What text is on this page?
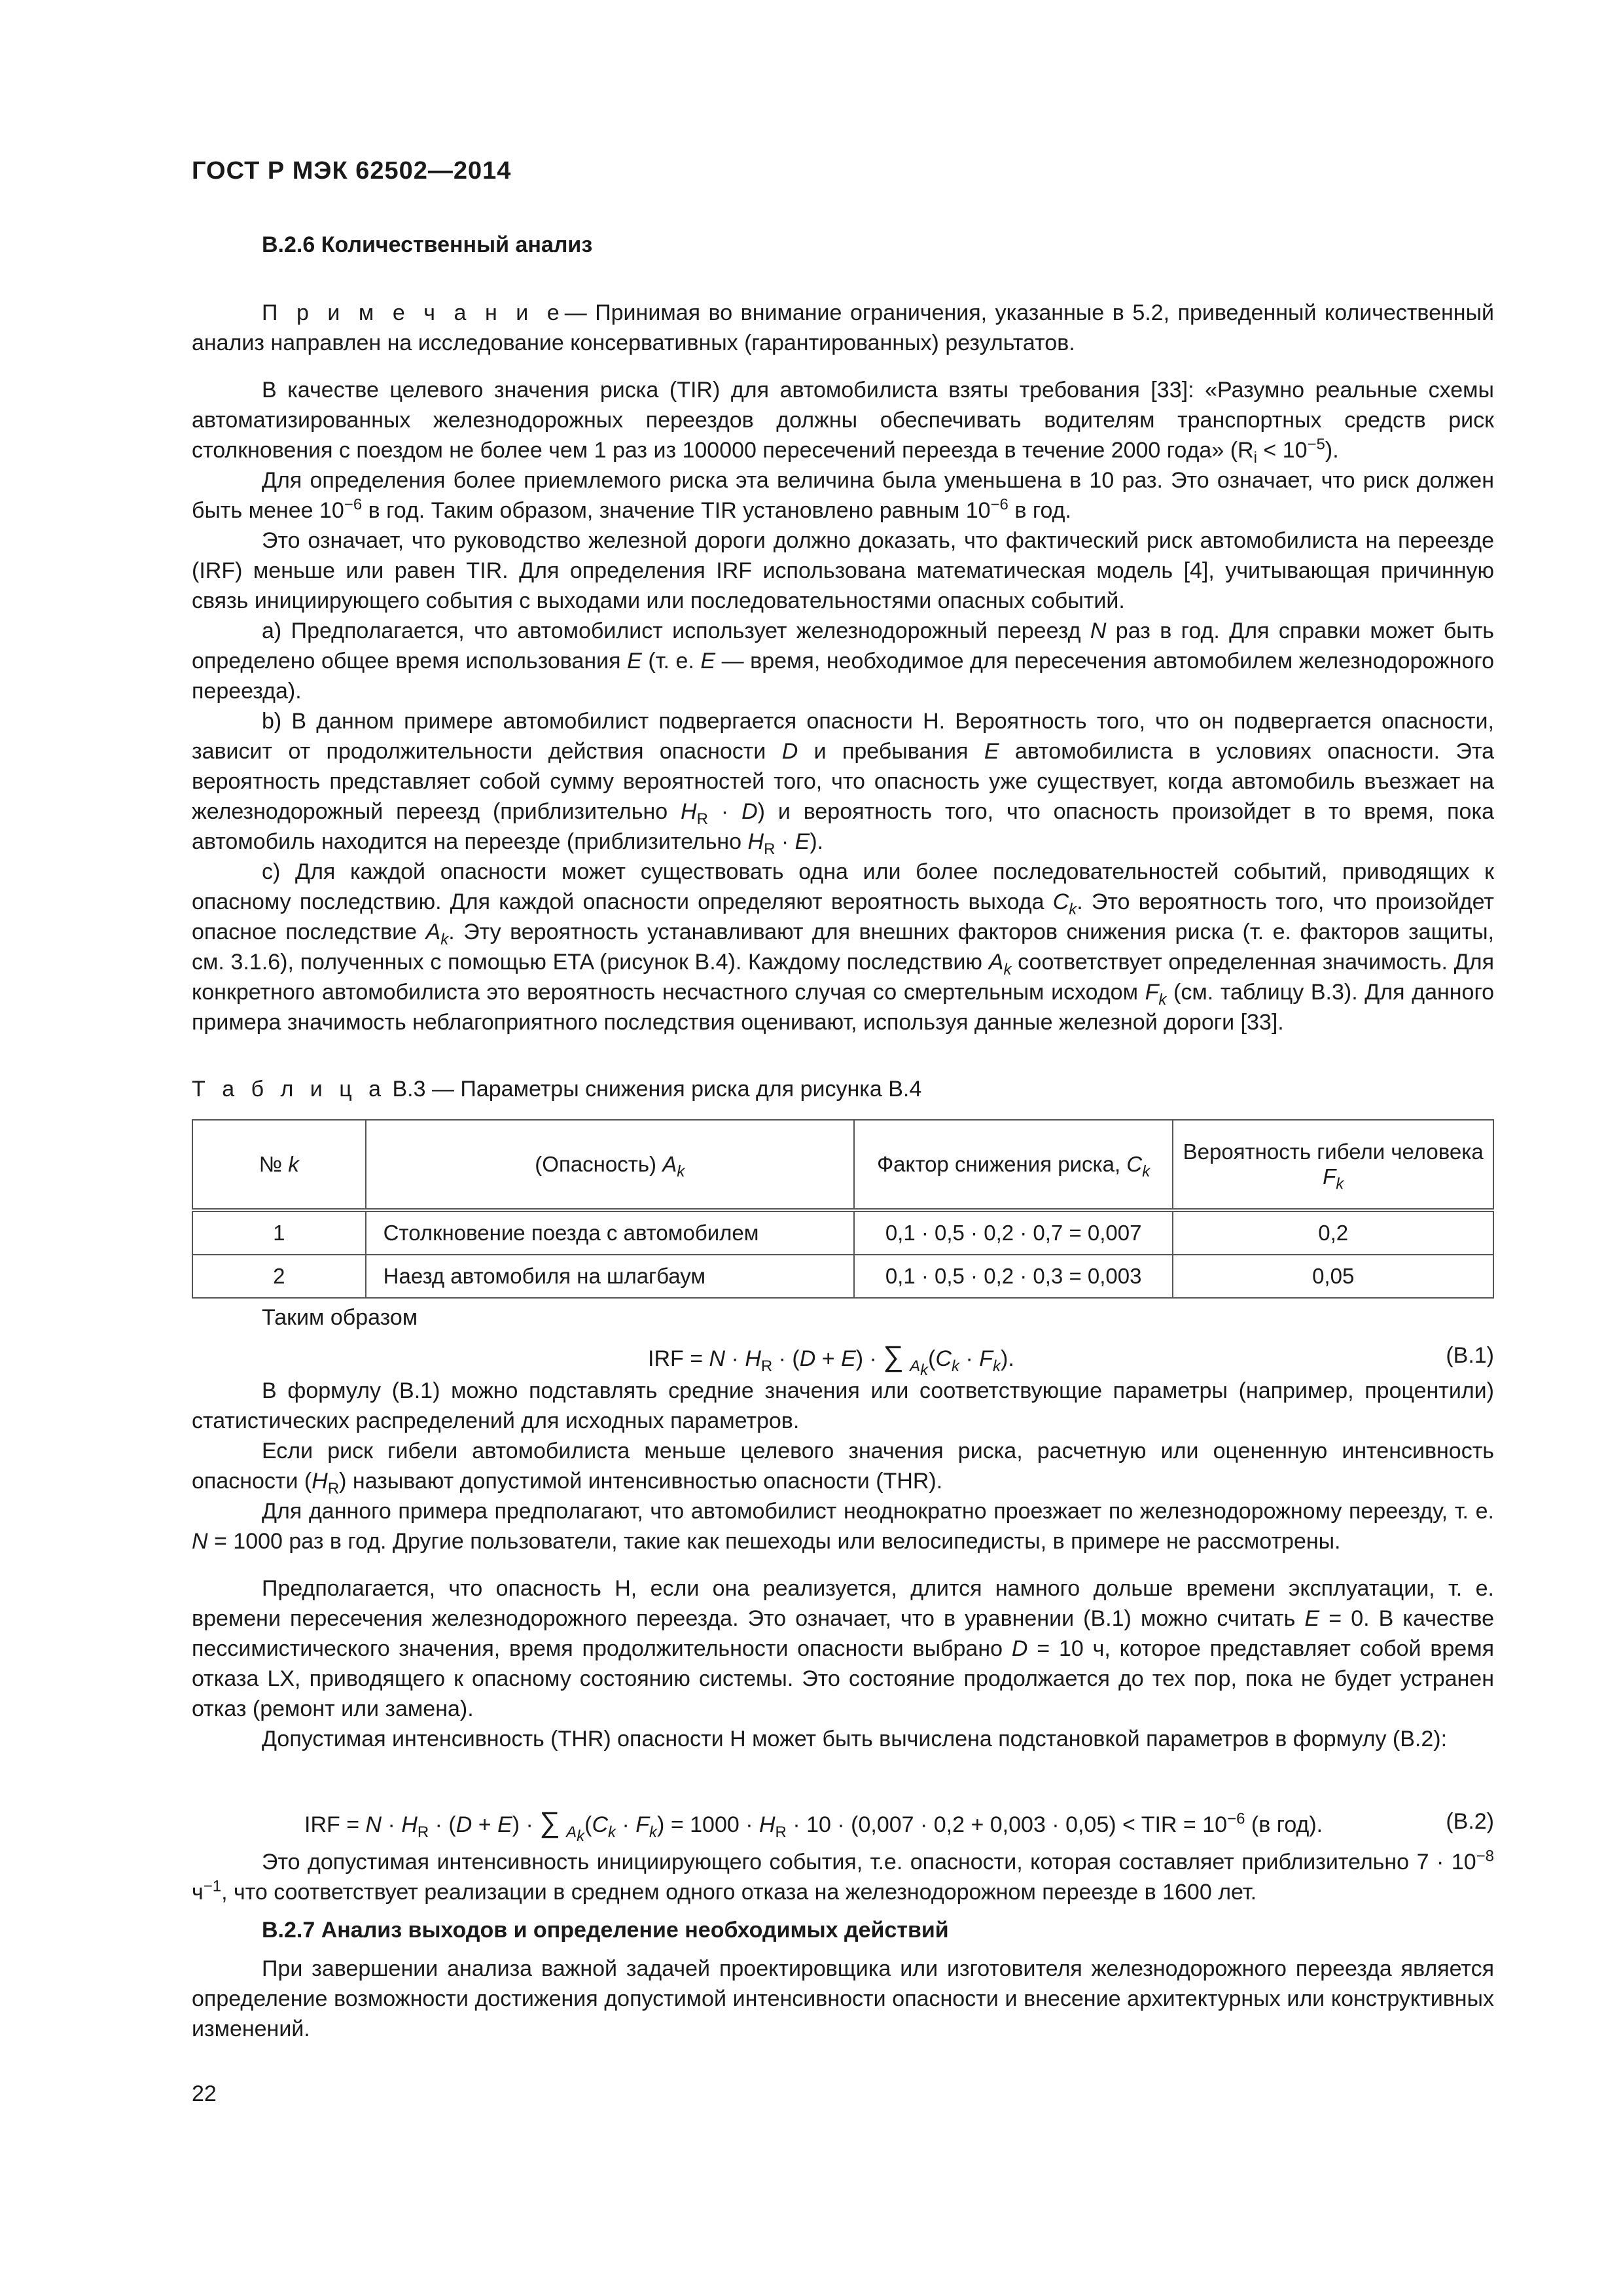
ГОСТ Р МЭК 62502—2014
B.2.6 Количественный анализ

П р и м е ч а н и е— Принимая во внимание ограничения, указанные в 5.2, приведенный количественный анализ направлен на исследование консервативных (гарантированных) результатов.

В качестве целевого значения риска (TIR) для автомобилиста взяты требования [33]: «Разумно реальные схемы автоматизированных железнодорожных переездов должны обеспечивать водителям транспортных средств риск столкновения с поездом не более чем 1 раз из 100000 пересечений переезда в течение 2000 года» $(R_i < 10^{-5})$.

Для определения более приемлемого риска эта величина была уменьшена в 10 раз. Это означает, что риск должен быть менее $10^{-6}$ в год. Таким образом, значение TIR установлено равным $10^{-6}$ в год.

Это означает, что руководство железной дороги должно доказать, что фактический риск автомобилиста на переезде (IRF) меньше или равен TIR. Для определения IRF использована математическая модель [4], учитывающая причинную связь инициирующего события с выходами или последовательностями опасных событий.

a) Предполагается, что автомобилист использует железнодорожный переезд N раз в год. Для справки может быть определено общее время использования E (т. е. E — время, необходимое для пересечения автомобилем железнодорожного переезда).

b) В данном примере автомобилист подвергается опасности H. Вероятность того, что он подвергается опасности, зависит от продолжительности действия опасности D и пребывания E автомобилиста в условиях опасности. Эта вероятность представляет собой сумму вероятностей того, что опасность уже существует, когда автомобиль въезжает на железнодорожный переезд (приблизительно $H_R \cdot D$) и вероятность того, что опасность произойдет в то время, пока автомобиль находится на переезде (приблизительно $H_R \cdot E$).

c) Для каждой опасности может существовать одна или более последовательностей событий, приводящих к опасному последствию. Для каждой опасности определяют вероятность выхода $C_k$. Это вероятность того, что произойдет опасное последствие $A_k$. Эту вероятность устанавливают для внешних факторов снижения риска (т. е. факторов защиты, см. 3.1.6), полученных с помощью ETA (рисунок B.4). Каждому последствию $A_k$ соответствует определенная значимость. Для конкретного автомобилиста это вероятность несчастного случая со смертельным исходом $F_k$ (см. таблицу B.3). Для данного примера значимость неблагоприятного последствия оценивают, используя данные железной дороги [33].

Т а б л и ц а B.3 — Параметры снижения риска для рисунка B.4
№ k	(Опасность) $A_k$	Фактор снижения риска, $C_k$	Вероятность гибели человека
$F_k$
1	Столкновение поезда с автомобилем	0,1 · 0,5 · 0,2 · 0,7 = 0,007	0,2
2	Наезд автомобиля на шлагбаум	0,1 · 0,5 · 0,2 · 0,3 = 0,003	0,05

Таким образом

IRF = $N \cdot H_R \cdot (D + E)$ · ∑ $_{A_k}(C_k \cdot F_k)$.	(B.1)

В формулу (B.1) можно подставлять средние значения или соответствующие параметры (например, процентили) статистических распределений для исходных параметров.

Если риск гибели автомобилиста меньше целевого значения риска, расчетную или оцененную интенсивность опасности $(H_R)$ называют допустимой интенсивностью опасности (THR).

Для данного примера предполагают, что автомобилист неоднократно проезжает по железнодорожному переезду, т. е. N = 1000 раз в год. Другие пользователи, такие как пешеходы или велосипедисты, в примере не рассмотрены.

Предполагается, что опасность H, если она реализуется, длится намного дольше времени эксплуатации, т. е. времени пересечения железнодорожного переезда. Это означает, что в уравнении (B.1) можно считать E = 0. В качестве пессимистического значения, время продолжительности опасности выбрано D = 10 ч, которое представляет собой время отказа LX, приводящего к опасному состоянию системы. Это состояние продолжается до тех пор, пока не будет устранен отказ (ремонт или замена).

Допустимая интенсивность (THR) опасности H может быть вычислена подстановкой параметров в формулу (B.2):

IRF = $N \cdot H_R \cdot (D + E)$ · ∑ $_{A_k}(C_k \cdot F_k) = 1000 \cdot H_R \cdot 10 \cdot (0,007 \cdot 0,2 + 0,003 \cdot 0,05)$ < TIR = $10^{-6}$ (в год).	(B.2)

Это допустимая интенсивность инициирующего события, т.е. опасности, которая составляет приблизительно $7 \cdot 10^{-8}$ $ч^{-1}$, что соответствует реализации в среднем одного отказа на железнодорожном переезде в 1600 лет.

B.2.7 Анализ выходов и определение необходимых действий

При завершении анализа важной задачей проектировщика или изготовителя железнодорожного переезда является определение возможности достижения допустимой интенсивности опасности и внесение архитектурных или конструктивных изменений.

22
